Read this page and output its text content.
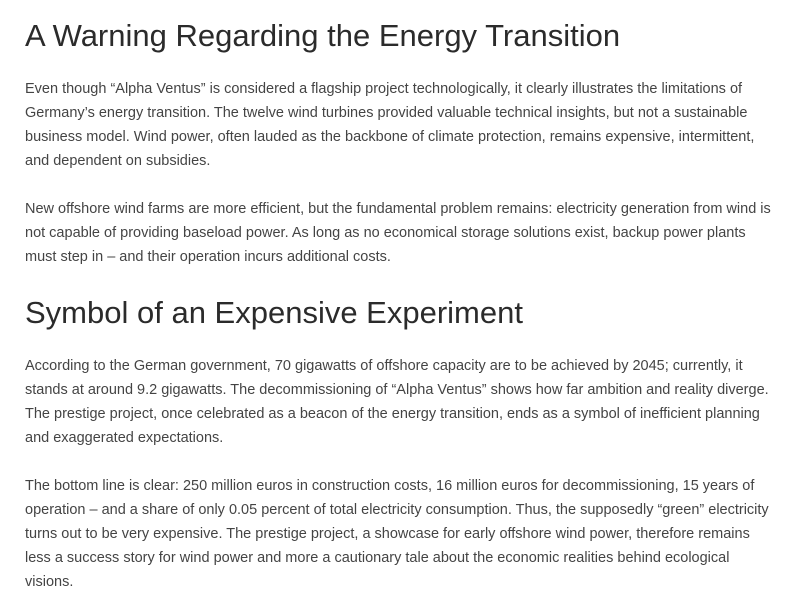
A Warning Regarding the Energy Transition

Even though “Alpha Ventus” is considered a flagship project technologically, it clearly illustrates the limitations of Germany’s energy transition. The twelve wind turbines provided valuable technical insights, but not a sustainable business model. Wind power, often lauded as the backbone of climate protection, remains expensive, intermittent, and dependent on subsidies.

New offshore wind farms are more efficient, but the fundamental problem remains: electricity generation from wind is not capable of providing baseload power. As long as no economical storage solutions exist, backup power plants must step in – and their operation incurs additional costs.

Symbol of an Expensive Experiment

According to the German government, 70 gigawatts of offshore capacity are to be achieved by 2045; currently, it stands at around 9.2 gigawatts. The decommissioning of “Alpha Ventus” shows how far ambition and reality diverge. The prestige project, once celebrated as a beacon of the energy transition, ends as a symbol of inefficient planning and exaggerated expectations.

The bottom line is clear: 250 million euros in construction costs, 16 million euros for decommissioning, 15 years of operation – and a share of only 0.05 percent of total electricity consumption. Thus, the supposedly “green” electricity turns out to be very expensive. The prestige project, a showcase for early offshore wind power, therefore remains less a success story for wind power and more a cautionary tale about the economic realities behind ecological visions.
